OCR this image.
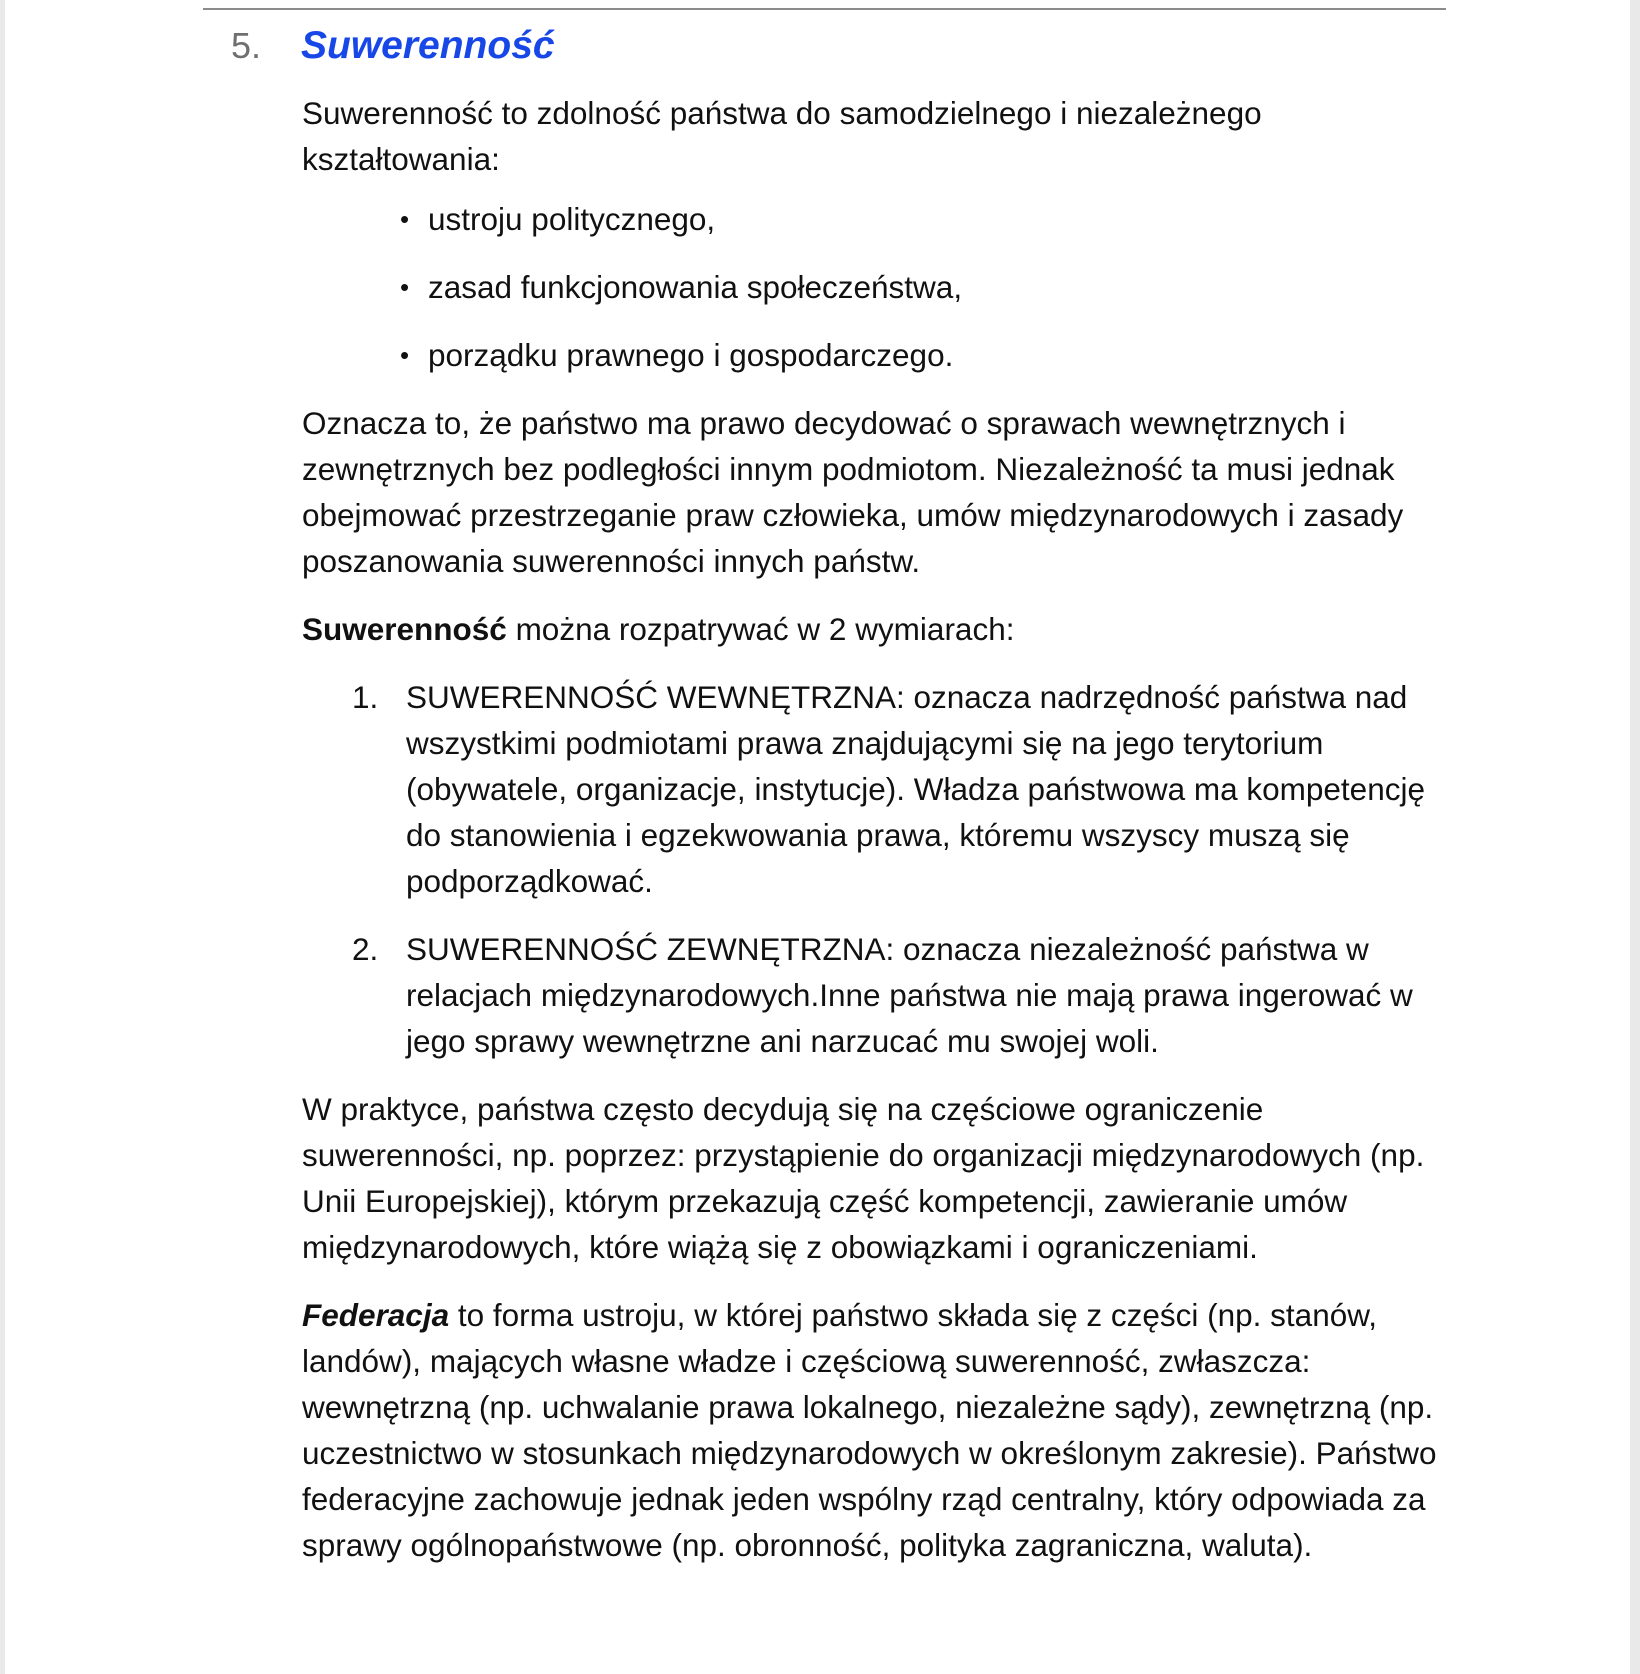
5.	Suwerenność

Suwerenność to zdolność państwa do samodzielnego i niezależnego kształtowania:

• ustroju politycznego,
• zasad funkcjonowania społeczeństwa,
• porządku prawnego i gospodarczego.

Oznacza to, że państwo ma prawo decydować o sprawach wewnętrznych i zewnętrznych bez podległości innym podmiotom. Niezależność ta musi jednak obejmować przestrzeganie praw człowieka, umów międzynarodowych i zasady poszanowania suwerenności innych państw.

Suwerenność można rozpatrywać w 2 wymiarach:

1. SUWERENNOŚĆ WEWNĘTRZNA: oznacza nadrzędność państwa nad wszystkimi podmiotami prawa znajdującymi się na jego terytorium (obywatele, organizacje, instytucje). Władza państwowa ma kompetencję do stanowienia i egzekwowania prawa, któremu wszyscy muszą się podporządkować.
2. SUWERENNOŚĆ ZEWNĘTRZNA: oznacza niezależność państwa w relacjach międzynarodowych.Inne państwa nie mają prawa ingerować w jego sprawy wewnętrzne ani narzucać mu swojej woli.

W praktyce, państwa często decydują się na częściowe ograniczenie suwerenności, np. poprzez: przystąpienie do organizacji międzynarodowych (np. Unii Europejskiej), którym przekazują część kompetencji, zawieranie umów międzynarodowych, które wiążą się z obowiązkami i ograniczeniami.

Federacja to forma ustroju, w której państwo składa się z części (np. stanów, landów), mających własne władze i częściową suwerenność, zwłaszcza: wewnętrzną (np. uchwalanie prawa lokalnego, niezależne sądy), zewnętrzną (np. uczestnictwo w stosunkach międzynarodowych w określonym zakresie). Państwo federacyjne zachowuje jednak jeden wspólny rząd centralny, który odpowiada za sprawy ogólnopaństwowe (np. obronność, polityka zagraniczna, waluta).
